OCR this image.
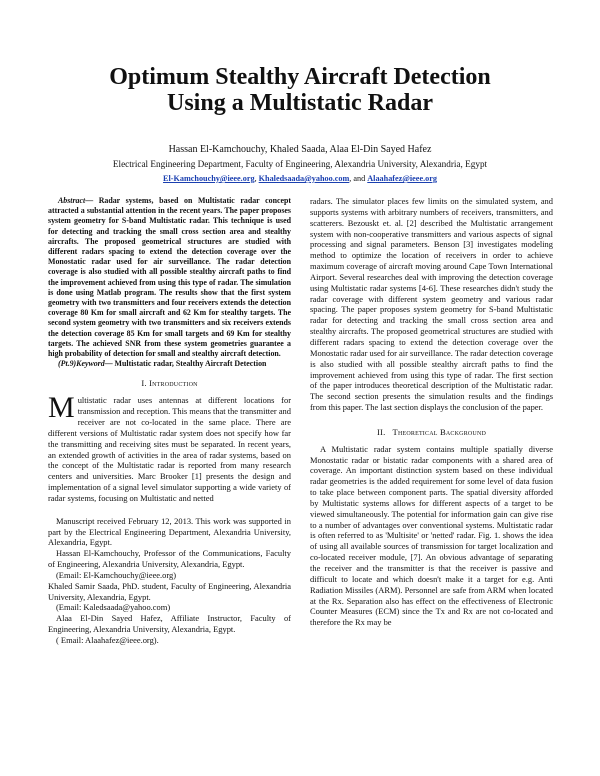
Optimum Stealthy Aircraft Detection
Using a Multistatic Radar
Hassan El-Kamchouchy, Khaled Saada, Alaa El-Din Sayed Hafez
Electrical Engineering Department, Faculty of Engineering, Alexandria University, Alexandria, Egypt
El-Kamchouchy@ieee.org, Khaledsaada@yahoo.com, and Alaahafez@ieee.org

Abstract— Radar systems, based on Multistatic radar concept attracted a substantial attention in the recent years. The paper proposes system geometry for S-band Multistatic radar. This technique is used for detecting and tracking the small cross section area and stealthy aircrafts. The proposed geometrical structures are studied with different radars spacing to extend the detection coverage over the Monostatic radar used for air surveillance. The radar detection coverage is also studied with all possible stealthy aircraft paths to find the improvement achieved from using this type of radar. The simulation is done using Matlab program. The results show that the first system geometry with two transmitters and four receivers extends the detection coverage 80 Km for small aircraft and 62 Km for stealthy targets. The second system geometry with two transmitters and six receivers extends the detection coverage 85 Km for small targets and 69 Km for stealthy targets. The achieved SNR from these system geometries guarantee a high probability of detection for small and stealthy aircraft detection.

(Pt.9)Keyword— Multistatic radar, Stealthy Aircraft Detection

I. Introduction

Multistatic radar uses antennas at different locations for transmission and reception. This means that the transmitter and receiver are not co-located in the same place. There are different versions of Multistatic radar system does not specify how far the transmitting and receiving sites must be separated. In recent years, an extended growth of activities in the area of radar systems, based on the concept of the Multistatic radar is reported from many research centers and universities. Marc Brooker [1] presents the design and implementation of a signal level simulator supporting a wide variety of radar systems, focusing on Multistatic and netted

Manuscript received February 12, 2013. This work was supported in part by the Electrical Engineering Department, Alexandria University, Alexandria, Egypt.

Hassan El-Kamchouchy, Professor of the Communications, Faculty of Engineering, Alexandria University, Alexandria, Egypt.

(Email: El-Kamchouchy@ieee.org)

Khaled Samir Saada, PhD. student, Faculty of Engineering, Alexandria University, Alexandria, Egypt.

(Email: Kaledsaada@yahoo.com)

Alaa El-Din Sayed Hafez, Affiliate Instructor, Faculty of Engineering, Alexandria University, Alexandria, Egypt.

( Email: Alaahafez@ieee.org).

radars. The simulator places few limits on the simulated system, and supports systems with arbitrary numbers of receivers, transmitters, and scatterers. Bezouskt et. al. [2] described the Multistatic arrangement system with non-cooperative transmitters and various aspects of signal processing and signal parameters. Benson [3] investigates modeling method to optimize the location of receivers in order to achieve maximum coverage of aircraft moving around Cape Town International Airport. Several researches deal with improving the detection coverage using Multistatic radar systems [4-6]. These researches didn't study the radar coverage with different system geometry and various radar spacing. The paper proposes system geometry for S-band Multistatic radar for detecting and tracking the small cross section area and stealthy aircrafts. The proposed geometrical structures are studied with different radars spacing to extend the detection coverage over the Monostatic radar used for air surveillance. The radar detection coverage is also studied with all possible stealthy aircraft paths to find the improvement achieved from using this type of radar. The first section of the paper introduces theoretical description of the Multistatic radar. The second section presents the simulation results and the findings from this paper. The last section displays the conclusion of the paper.

II. Theoretical Background

A Multistatic radar system contains multiple spatially diverse Monostatic radar or bistatic radar components with a shared area of coverage. An important distinction system based on these individual radar geometries is the added requirement for some level of data fusion to take place between component parts. The spatial diversity afforded by Multistatic systems allows for different aspects of a target to be viewed simultaneously. The potential for information gain can give rise to a number of advantages over conventional systems. Multistatic radar is often referred to as 'Multisite' or 'netted' radar. Fig. 1. shows the idea of using all available sources of transmission for target localization and co-located receiver module, [7]. An obvious advantage of separating the receiver and the transmitter is that the receiver is passive and difficult to locate and which doesn't make it a target for e.g. Anti Radiation Missiles (ARM). Personnel are safe from ARM when located at the Rx. Separation also has effect on the effectiveness of Electronic Counter Measures (ECM) since the Tx and Rx are not co-located and therefore the Rx may be
